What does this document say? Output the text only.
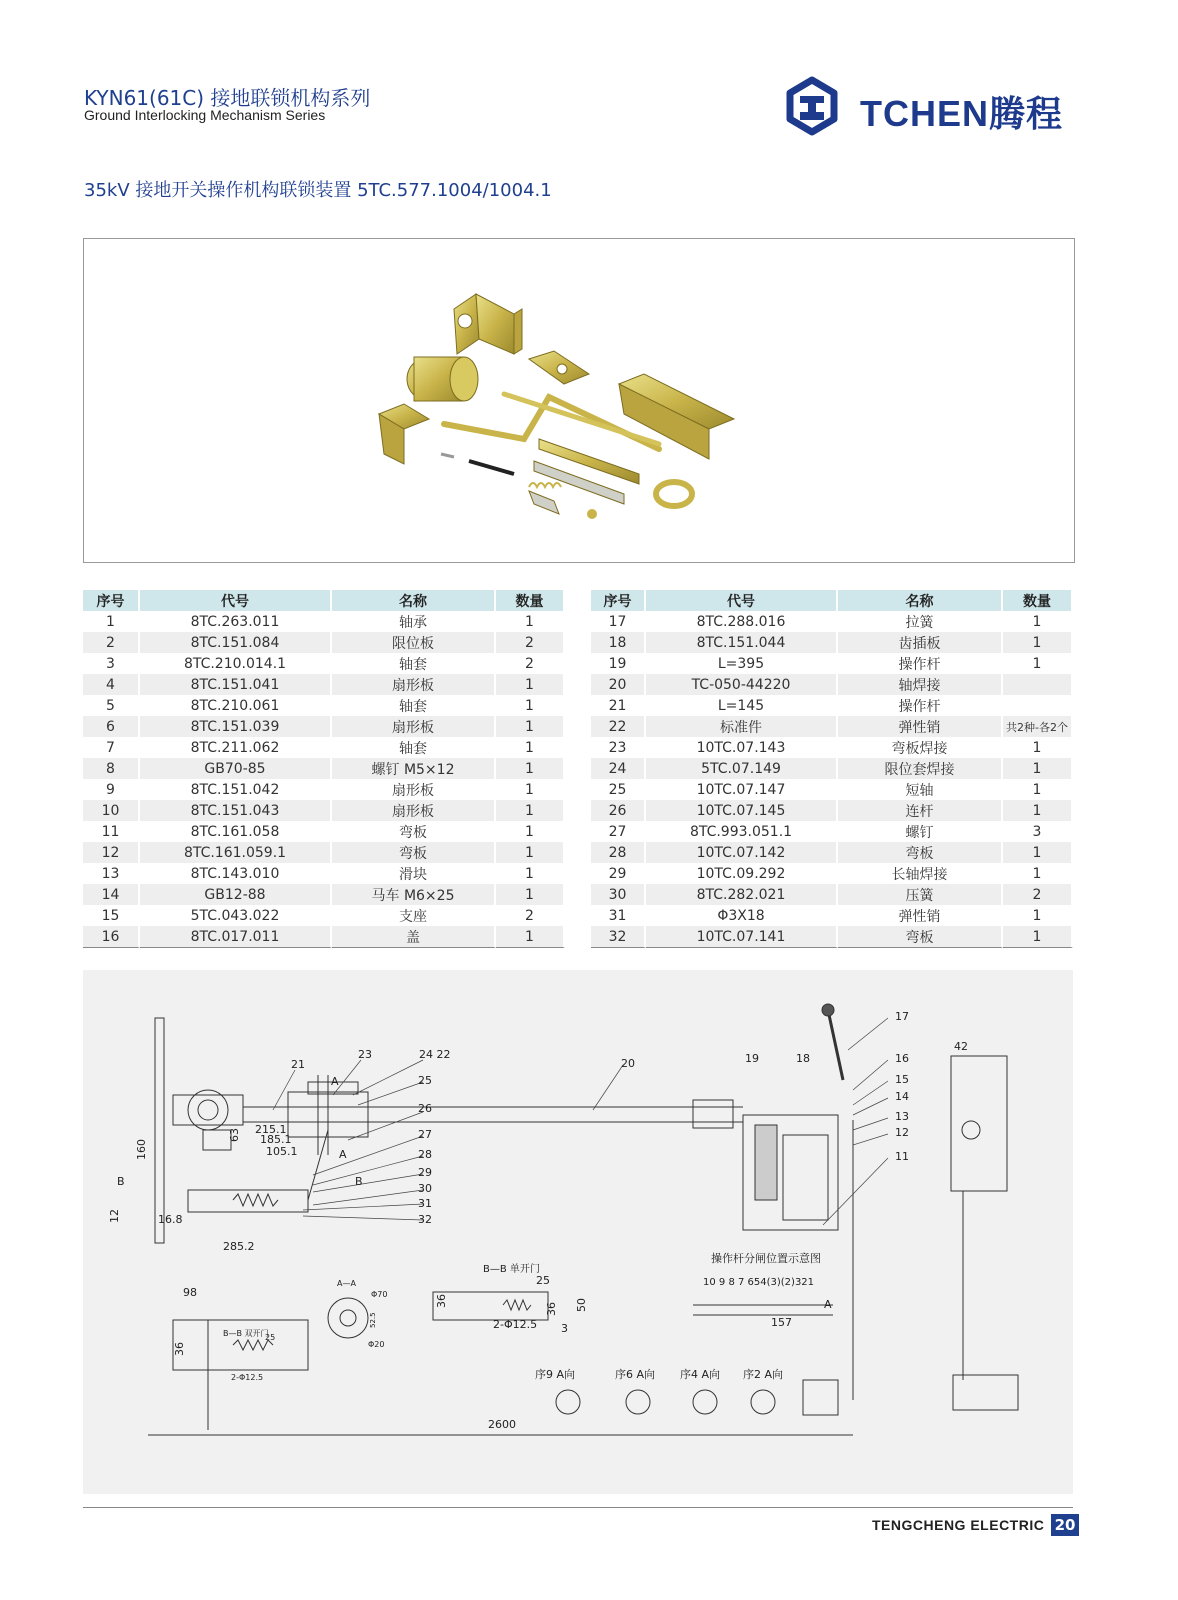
KYN61(61C) 接地联锁机构系列
Ground Interlocking Mechanism Series	TCHEN腾程
35kV 接地开关操作机构联锁装置 5TC.577.1004/1004.1
序号	代号	名称	数量
1	8TC.263.011	轴承	1
2	8TC.151.084	限位板	2
3	8TC.210.014.1	轴套	2
4	8TC.151.041	扇形板	1
5	8TC.210.061	轴套	1
6	8TC.151.039	扇形板	1
7	8TC.211.062	轴套	1
8	GB70-85	螺钉 M5×12	1
9	8TC.151.042	扇形板	1
10	8TC.151.043	扇形板	1
11	8TC.161.058	弯板	1
12	8TC.161.059.1	弯板	1
13	8TC.143.010	滑块	1
14	GB12-88	马车 M6×25	1
15	5TC.043.022	支座	2
16	8TC.017.011	盖	1
序号	代号	名称	数量
17	8TC.288.016	拉簧	1
18	8TC.151.044	齿插板	1
19	L=395	操作杆	1
20	TC-050-44220	轴焊接	
21	L=145	操作杆	
22	标准件	弹性销	共2种-各2个
23	10TC.07.143	弯板焊接	1
24	5TC.07.149	限位套焊接	1
25	10TC.07.147	短轴	1
26	10TC.07.145	连杆	1
27	8TC.993.051.1	螺钉	3
28	10TC.07.142	弯板	1
29	10TC.09.292	长轴焊接	1
30	8TC.282.021	压簧	2
31	Φ3X18	弹性销	1
32	10TC.07.141	弯板	1
17
16
15
14
13
12
11
19	18
20
21
23	24 22
25
26
27
28
29
30
31
32
160
63 215.1
185.1
105.1
16.8
285.2
98
12
2600
42
36
36
36
25
25
50
3
2-Φ12.5
2-Φ12.5
157
Φ70
Φ20
52.5
A—A
B—B 单开门
B—B 双开门
操作杆分闸位置示意图
10 9 8 7 654(3)(2)321
序9 A向	序6 A向 序4 A向 序2 A向
A
A
A
B	B
TENGCHENG ELECTRIC 20
